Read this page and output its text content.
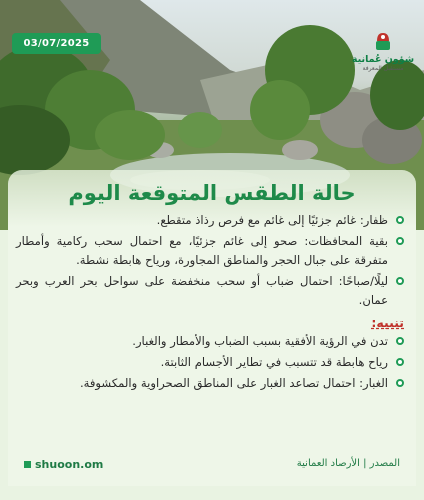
03/07/2025
شؤون عُمانية
مستقبل المعرفة
حالة الطقس المتوقعة اليوم
ظفار: غائم جزئيًا إلى غائم مع فرص رذاذ متقطع.
بقية المحافظات: صحو إلى غائم جزئيًا، مع احتمال سحب ركامية وأمطار متفرقة على جبال الحجر والمناطق المجاورة، ورياح هابطة نشطة.
ليلًا/صباحًا: احتمال ضباب أو سحب منخفضة على سواحل بحر العرب وبحر عمان.
تنبيه:
تدن في الرؤية الأفقية بسبب الضباب والأمطار والغبار.
رياح هابطة قد تتسبب في تطاير الأجسام الثابتة.
الغبار: احتمال تصاعد الغبار على المناطق الصحراوية والمكشوفة.
shuoon.om	المصدر | الأرصاد العمانية
